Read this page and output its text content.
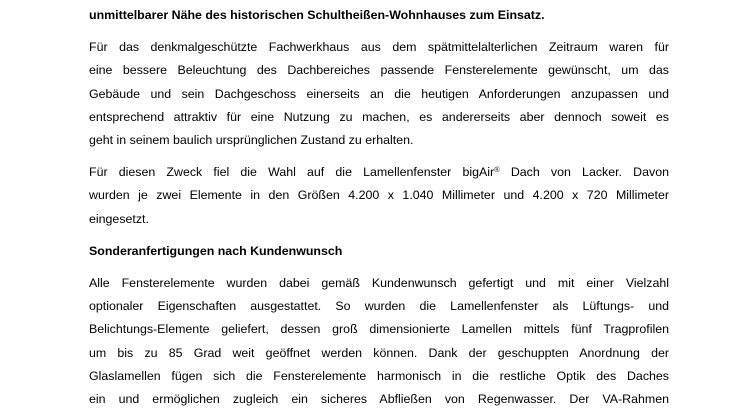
unmittelbarer Nähe des historischen Schultheißen-Wohnhauses zum Einsatz.

Für das denkmalgeschützte Fachwerkhaus aus dem spätmittelalterlichen Zeitraum waren für
eine bessere Beleuchtung des Dachbereiches passende Fensterelemente gewünscht, um das
Gebäude und sein Dachgeschoss einerseits an die heutigen Anforderungen anzupassen und
entsprechend attraktiv für eine Nutzung zu machen, es andererseits aber dennoch soweit es
geht in seinem baulich ursprünglichen Zustand zu erhalten.

Für diesen Zweck fiel die Wahl auf die Lamellenfenster bigAir® Dach von Lacker. Davon
wurden je zwei Elemente in den Größen 4.200 x 1.040 Millimeter und 4.200 x 720 Millimeter
eingesetzt.

Sonderanfertigungen nach Kundenwunsch

Alle Fensterelemente wurden dabei gemäß Kundenwunsch gefertigt und mit einer Vielzahl
optionaler Eigenschaften ausgestattet. So wurden die Lamellenfenster als Lüftungs- und
Belichtungs-Elemente geliefert, dessen groß dimensionierte Lamellen mittels fünf Tragprofilen
um bis zu 85 Grad weit geöffnet werden können. Dank der geschuppten Anordnung der
Glaslamellen fügen sich die Fensterelemente harmonisch in die restliche Optik des Daches
ein und ermöglichen zugleich ein sicheres Abfließen von Regenwasser. Der VA-Rahmen
